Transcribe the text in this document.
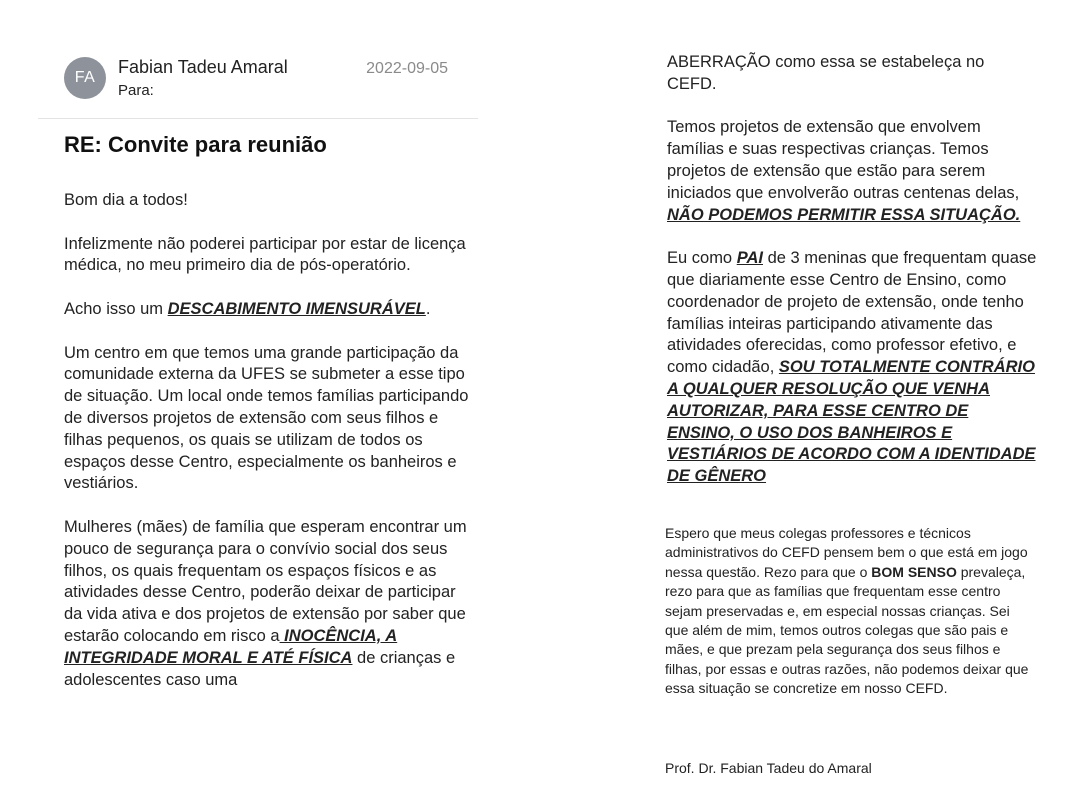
FA
Fabian Tadeu Amaral	2022-09-05
Para:
RE: Convite para reunião

Bom dia a todos!

Infelizmente não poderei participar por estar de licença médica, no meu primeiro dia de pós-operatório.

Acho isso um DESCABIMENTO IMENSURÁVEL.

Um centro em que temos uma grande participação da comunidade externa da UFES se submeter a esse tipo de situação. Um local onde temos famílias participando de diversos projetos de extensão com seus filhos e filhas pequenos, os quais se utilizam de todos os espaços desse Centro, especialmente os banheiros e vestiários.

Mulheres (mães) de família que esperam encontrar um pouco de segurança para o convívio social dos seus filhos, os quais frequentam os espaços físicos e as atividades desse Centro, poderão deixar de participar da vida ativa e dos projetos de extensão por saber que estarão colocando em risco a INOCÊNCIA, A INTEGRIDADE MORAL E ATÉ FÍSICA de crianças e adolescentes caso uma

ABERRAÇÃO como essa se estabeleça no CEFD.

Temos projetos de extensão que envolvem famílias e suas respectivas crianças. Temos projetos de extensão que estão para serem iniciados que envolverão outras centenas delas, NÃO PODEMOS PERMITIR ESSA SITUAÇÃO.

Eu como PAI de 3 meninas que frequentam quase que diariamente esse Centro de Ensino, como coordenador de projeto de extensão, onde tenho famílias inteiras participando ativamente das atividades oferecidas, como professor efetivo, e como cidadão, SOU TOTALMENTE CONTRÁRIO A QUALQUER RESOLUÇÃO QUE VENHA AUTORIZAR, PARA ESSE CENTRO DE ENSINO, O USO DOS BANHEIROS E VESTIÁRIOS DE ACORDO COM A IDENTIDADE DE GÊNERO

Espero que meus colegas professores e técnicos administrativos do CEFD pensem bem o que está em jogo nessa questão. Rezo para que o BOM SENSO prevaleça, rezo para que as famílias que frequentam esse centro sejam preservadas e, em especial nossas crianças. Sei que além de mim, temos outros colegas que são pais e mães, e que prezam pela segurança dos seus filhos e filhas, por essas e outras razões, não podemos deixar que essa situação se concretize em nosso CEFD.

Prof. Dr. Fabian Tadeu do Amaral
